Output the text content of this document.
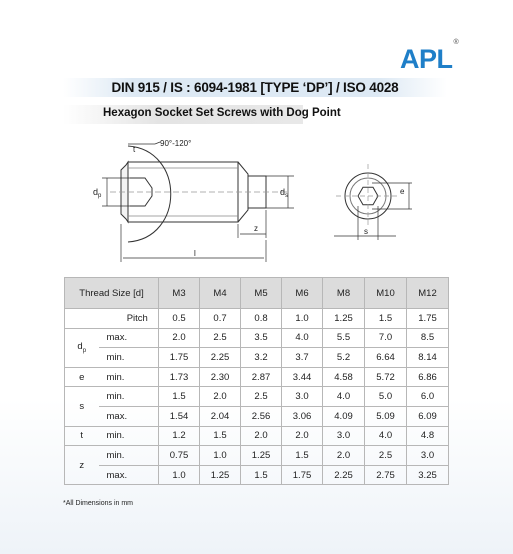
APL®
DIN 915 / IS : 6094-1981 [TYPE ‘DP’] / ISO 4028
Hexagon Socket Set Screws with Dog Point
90°-120°
t
$d_p$	$d_s$
z
l
e
s
Thread Size [d]		M3	M4	M5	M6	M8	M10	M12
	Pitch	0.5	0.7	0.8	1.0	1.25	1.5	1.75
$d_p$	max.	2.0	2.5	3.5	4.0	5.5	7.0	8.5
	min.	1.75	2.25	3.2	3.7	5.2	6.64	8.14
e	min.	1.73	2.30	2.87	3.44	4.58	5.72	6.86
s	min.	1.5	2.0	2.5	3.0	4.0	5.0	6.0
	max.	1.54	2.04	2.56	3.06	4.09	5.09	6.09
t	min.	1.2	1.5	2.0	2.0	3.0	4.0	4.8
z	min.	0.75	1.0	1.25	1.5	2.0	2.5	3.0
	max.	1.0	1.25	1.5	1.75	2.25	2.75	3.25
*All Dimensions in mm
